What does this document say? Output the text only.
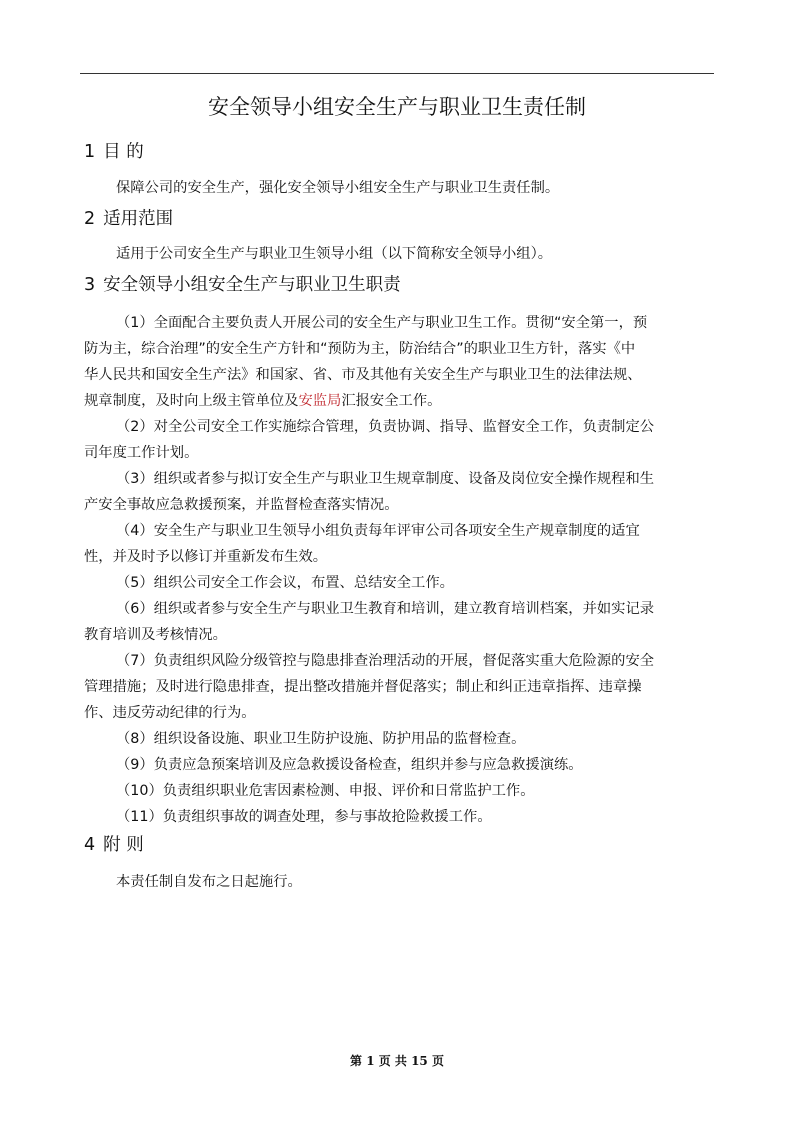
安全领导小组安全生产与职业卫生责任制
1 目 的
保障公司的安全生产，强化安全领导小组安全生产与职业卫生责任制。
2 适用范围
适用于公司安全生产与职业卫生领导小组（以下简称安全领导小组）。
3 安全领导小组安全生产与职业卫生职责
（1）全面配合主要负责人开展公司的安全生产与职业卫生工作。贯彻“安全第一，预
防为主，综合治理”的安全生产方针和“预防为主，防治结合”的职业卫生方针，落实《中
华人民共和国安全生产法》和国家、省、市及其他有关安全生产与职业卫生的法律法规、
规章制度，及时向上级主管单位及安监局汇报安全工作。
（2）对全公司安全工作实施综合管理，负责协调、指导、监督安全工作，负责制定公
司年度工作计划。
（3）组织或者参与拟订安全生产与职业卫生规章制度、设备及岗位安全操作规程和生
产安全事故应急救援预案，并监督检查落实情况。
（4）安全生产与职业卫生领导小组负责每年评审公司各项安全生产规章制度的适宜
性，并及时予以修订并重新发布生效。
（5）组织公司安全工作会议，布置、总结安全工作。
（6）组织或者参与安全生产与职业卫生教育和培训，建立教育培训档案，并如实记录
教育培训及考核情况。
（7）负责组织风险分级管控与隐患排查治理活动的开展，督促落实重大危险源的安全
管理措施；及时进行隐患排查，提出整改措施并督促落实；制止和纠正违章指挥、违章操
作、违反劳动纪律的行为。
（8）组织设备设施、职业卫生防护设施、防护用品的监督检查。
（9）负责应急预案培训及应急救援设备检查，组织并参与应急救援演练。
（10）负责组织职业危害因素检测、申报、评价和日常监护工作。
（11）负责组织事故的调查处理，参与事故抢险救援工作。
4 附 则
本责任制自发布之日起施行。
第 1 页 共 15 页
